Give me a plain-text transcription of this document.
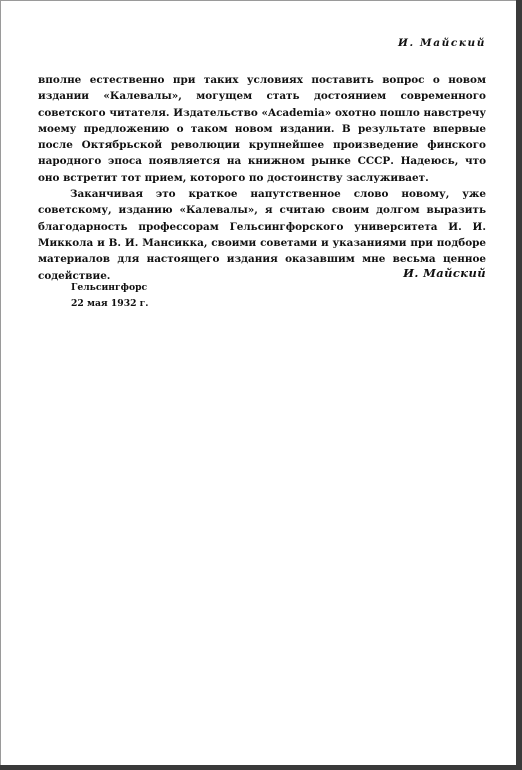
И. Майский

вполне естественно при таких условиях поставить вопрос о новом издании «Калевалы», могущем стать достоянием современного советского читателя. Издательство «Academia» охотно пошло навстречу моему предложению о таком новом издании. В результате впервые после Октябрьской революции крупнейшее произведение финского народного эпоса появляется на книжном рынке СССР. Надеюсь, что оно встретит тот прием, которого по достоинству заслуживает.

Заканчивая это краткое напутственное слово новому, уже советскому, изданию «Калевалы», я считаю своим долгом выразить благодарность профессорам Гельсингфорского университета И. И. Миккола и В. И. Мансикка, своими советами и указаниями при подборе материалов для настоящего издания оказавшим мне весьма ценное содействие.	И. Майский
Гельсингфорс
22 мая 1932 г.
